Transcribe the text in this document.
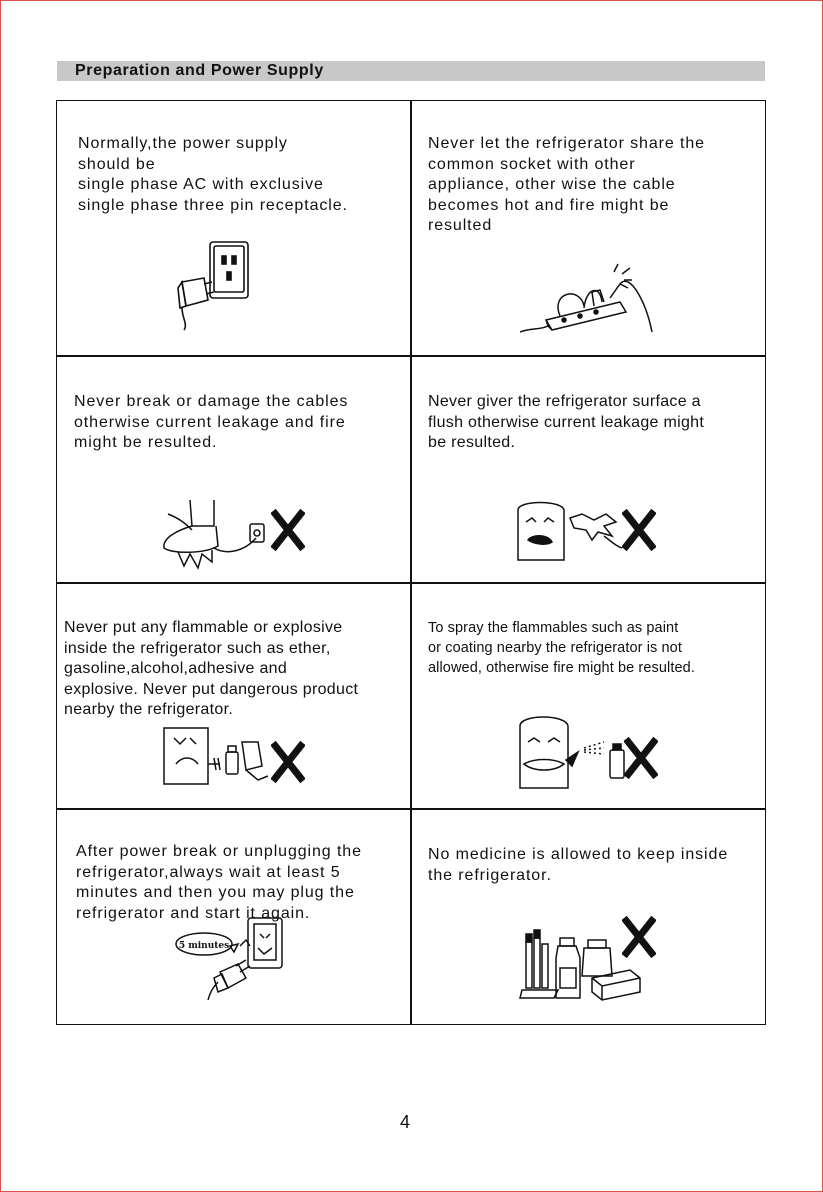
Preparation and Power Supply
Normally,the power supply
should be
single phase AC with exclusive
single phase three pin receptacle.
Never let the refrigerator share the
common socket with other
appliance, other wise the cable
becomes hot and fire might be
resulted
Never break or damage the cables
otherwise current leakage and fire
might be resulted.
Never giver the refrigerator surface a
flush otherwise current leakage might
be resulted.
Never put any flammable or explosive
inside the refrigerator such as ether,
gasoline,alcohol,adhesive and
explosive. Never put dangerous product
nearby the refrigerator.
To spray the flammables such as paint
or coating nearby the refrigerator is not
allowed, otherwise fire might be resulted.
After power break or unplugging the
refrigerator,always wait at least 5
minutes and then you may plug the
refrigerator and start it again.
No medicine is allowed to keep inside
the refrigerator.
5 minutes
4
